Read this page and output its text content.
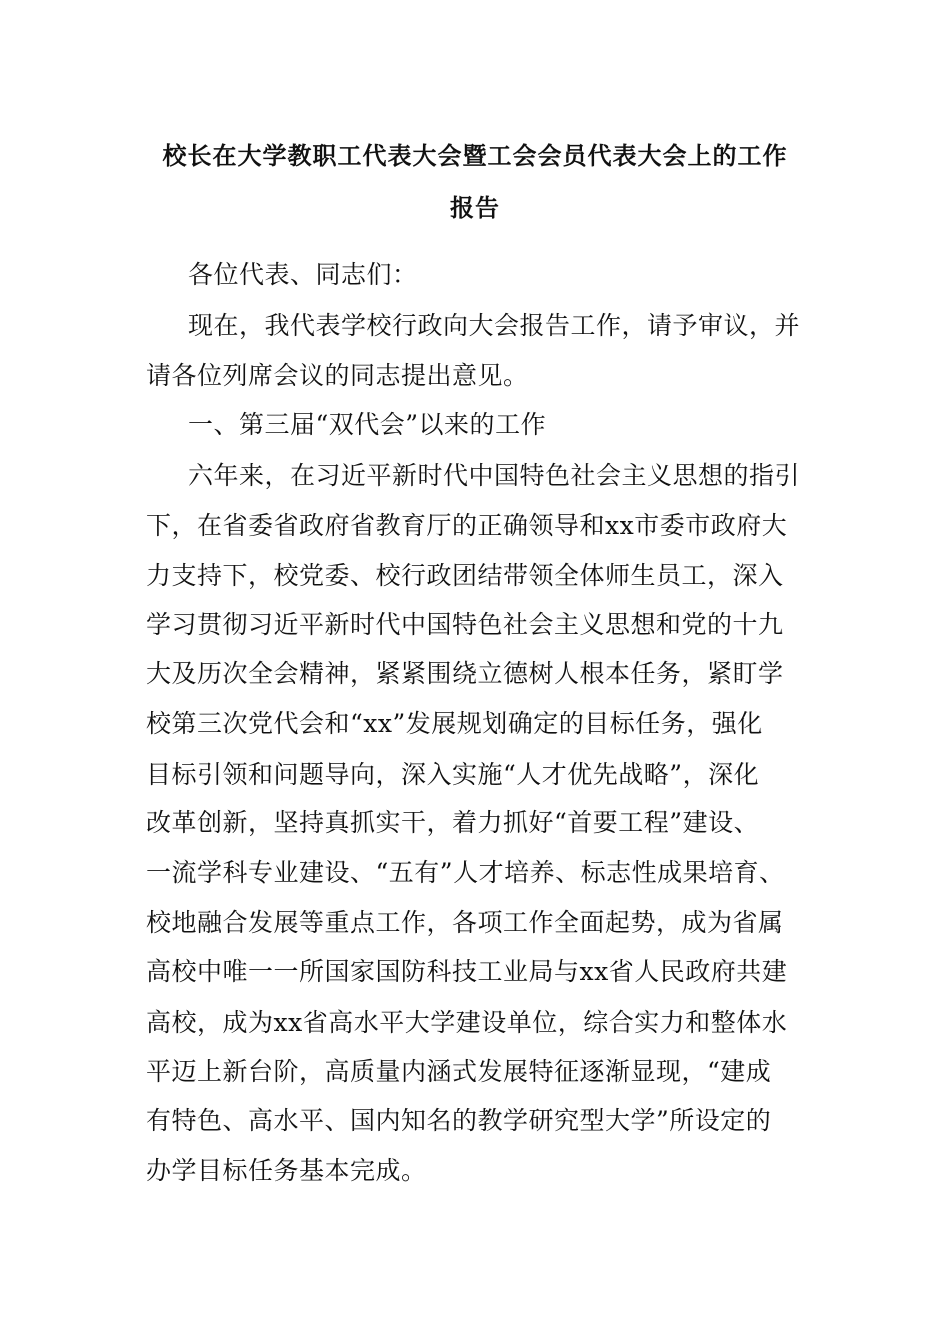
校长在大学教职工代表大会暨工会会员代表大会上的工作
报告
各位代表、同志们：
现在，我代表学校行政向大会报告工作，请予审议，并
请各位列席会议的同志提出意见。
一、第三届“双代会”以来的工作
六年来，在习近平新时代中国特色社会主义思想的指引
下，在省委省政府省教育厅的正确领导和xx市委市政府大
力支持下，校党委、校行政团结带领全体师生员工，深入
学习贯彻习近平新时代中国特色社会主义思想和党的十九
大及历次全会精神，紧紧围绕立德树人根本任务，紧盯学
校第三次党代会和“xx”发展规划确定的目标任务，强化
目标引领和问题导向，深入实施“人才优先战略”，深化
改革创新，坚持真抓实干，着力抓好“首要工程”建设、
一流学科专业建设、“五有”人才培养、标志性成果培育、
校地融合发展等重点工作，各项工作全面起势，成为省属
高校中唯一一所国家国防科技工业局与xx省人民政府共建
高校，成为xx省高水平大学建设单位，综合实力和整体水
平迈上新台阶，高质量内涵式发展特征逐渐显现，“建成
有特色、高水平、国内知名的教学研究型大学”所设定的
办学目标任务基本完成。
